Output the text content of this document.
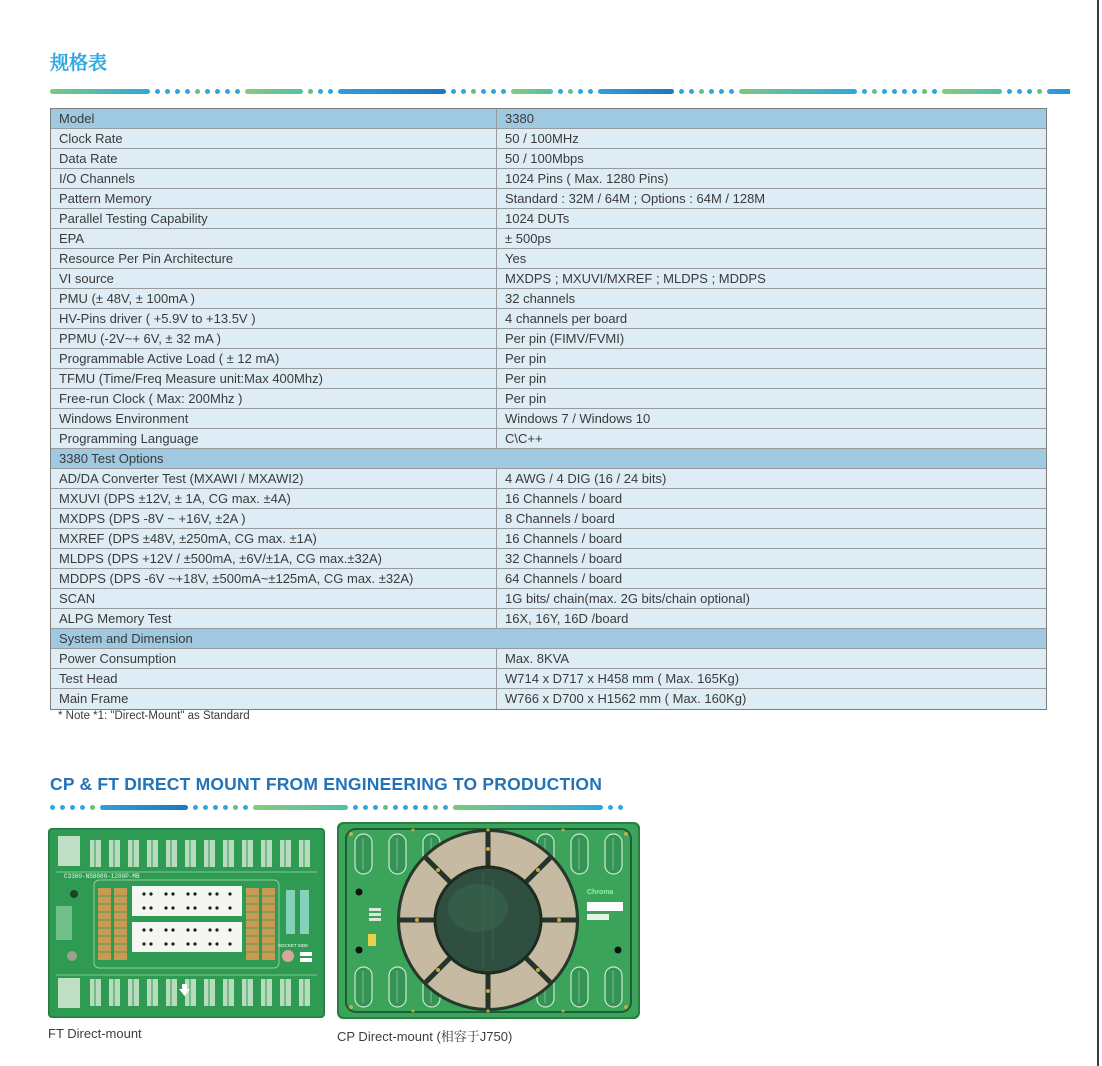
规格表
Model	3380
Clock Rate	50 / 100MHz
Data Rate	50 / 100Mbps
I/O Channels	1024 Pins ( Max. 1280 Pins)
Pattern Memory	Standard : 32M / 64M ; Options : 64M / 128M
Parallel Testing Capability	1024 DUTs
EPA	± 500ps
Resource Per Pin Architecture	Yes
VI source	MXDPS ; MXUVI/MXREF ; MLDPS ; MDDPS
PMU (± 48V, ± 100mA )	32 channels
HV-Pins driver ( +5.9V to +13.5V )	4 channels per board
PPMU (-2V~+ 6V, ± 32 mA )	Per pin (FIMV/FVMI)
Programmable Active Load ( ± 12 mA)	Per pin
TFMU (Time/Freq Measure unit:Max 400Mhz)	Per pin
Free-run Clock ( Max: 200Mhz )	Per pin
Windows Environment	Windows 7 / Windows 10
Programming Language	C\C++
3380 Test Options
AD/DA Converter Test (MXAWI / MXAWI2)	4 AWG / 4 DIG (16 / 24 bits)
MXUVI (DPS ±12V, ± 1A, CG max. ±4A)	16 Channels / board
MXDPS (DPS -8V ~ +16V, ±2A )	8 Channels / board
MXREF (DPS ±48V, ±250mA, CG max. ±1A)	16 Channels / board
MLDPS (DPS +12V / ±500mA, ±6V/±1A, CG max.±32A)	32 Channels / board
MDDPS (DPS -6V ~+18V, ±500mA~±125mA, CG max. ±32A)	64 Channels / board
SCAN	1G bits/ chain(max. 2G bits/chain optional)
ALPG Memory Test	16X, 16Y, 16D /board
System and Dimension
Power Consumption	Max. 8KVA
Test Head	W714 x D717 x H458 mm ( Max. 165Kg)
Main Frame	W766 x D700 x H1562 mm ( Max. 160Kg)
* Note *1: "Direct-Mount" as Standard
CP & FT DIRECT MOUNT FROM ENGINEERING TO PRODUCTION
C3380-NS8080-1280P-MB
SOCKET SIDE
Chroma
FT Direct-mount	CP Direct-mount (相容于J750)
